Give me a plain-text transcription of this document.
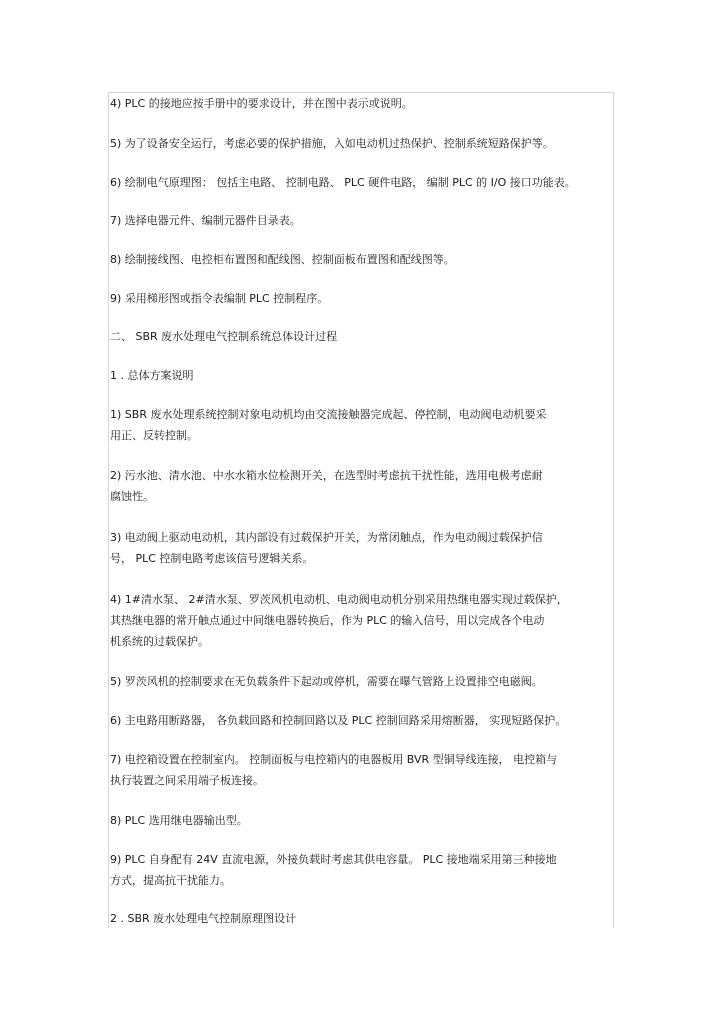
4) PLC 的接地应按手册中的要求设计，并在图中表示或说明。
5) 为了设备安全运行，考虑必要的保护措施，入如电动机过热保护、控制系统短路保护等。
6) 绘制电气原理图： 包括主电路、 控制电路、 PLC 硬件电路， 编制 PLC 的 I/O 接口功能表。
7) 选择电器元件、编制元器件目录表。
8) 绘制接线图、电控柜布置图和配线图、控制面板布置图和配线图等。
9) 采用梯形图或指令表编制 PLC 控制程序。
二、 SBR 废水处理电气控制系统总体设计过程
1 . 总体方案说明
1) SBR 废水处理系统控制对象电动机均由交流接触器完成起、停控制，电动阀电动机要采
用正、反转控制。
2) 污水池、清水池、中水水箱水位检测开关，在选型时考虑抗干扰性能，选用电极考虑耐
腐蚀性。
3) 电动阀上驱动电动机，其内部设有过载保护开关，为常闭触点，作为电动阀过载保护信
号， PLC 控制电路考虑该信号逻辑关系。
4) 1#清水泵、 2#清水泵、罗茨风机电动机、电动阀电动机分别采用热继电器实现过载保护，
其热继电器的常开触点通过中间继电器转换后，作为 PLC 的输入信号，用以完成各个电动
机系统的过载保护。
5) 罗茨风机的控制要求在无负载条件下起动或停机，需要在曝气管路上设置排空电磁阀。
6) 主电路用断路器， 各负载回路和控制回路以及 PLC 控制回路采用熔断器， 实现短路保护。
7) 电控箱设置在控制室内。 控制面板与电控箱内的电器板用 BVR 型铜导线连接， 电控箱与
执行装置之间采用端子板连接。
8) PLC 选用继电器输出型。
9) PLC 自身配有 24V 直流电源，外接负载时考虑其供电容量。 PLC 接地端采用第三种接地
方式，提高抗干扰能力。
2 . SBR 废水处理电气控制原理图设计
